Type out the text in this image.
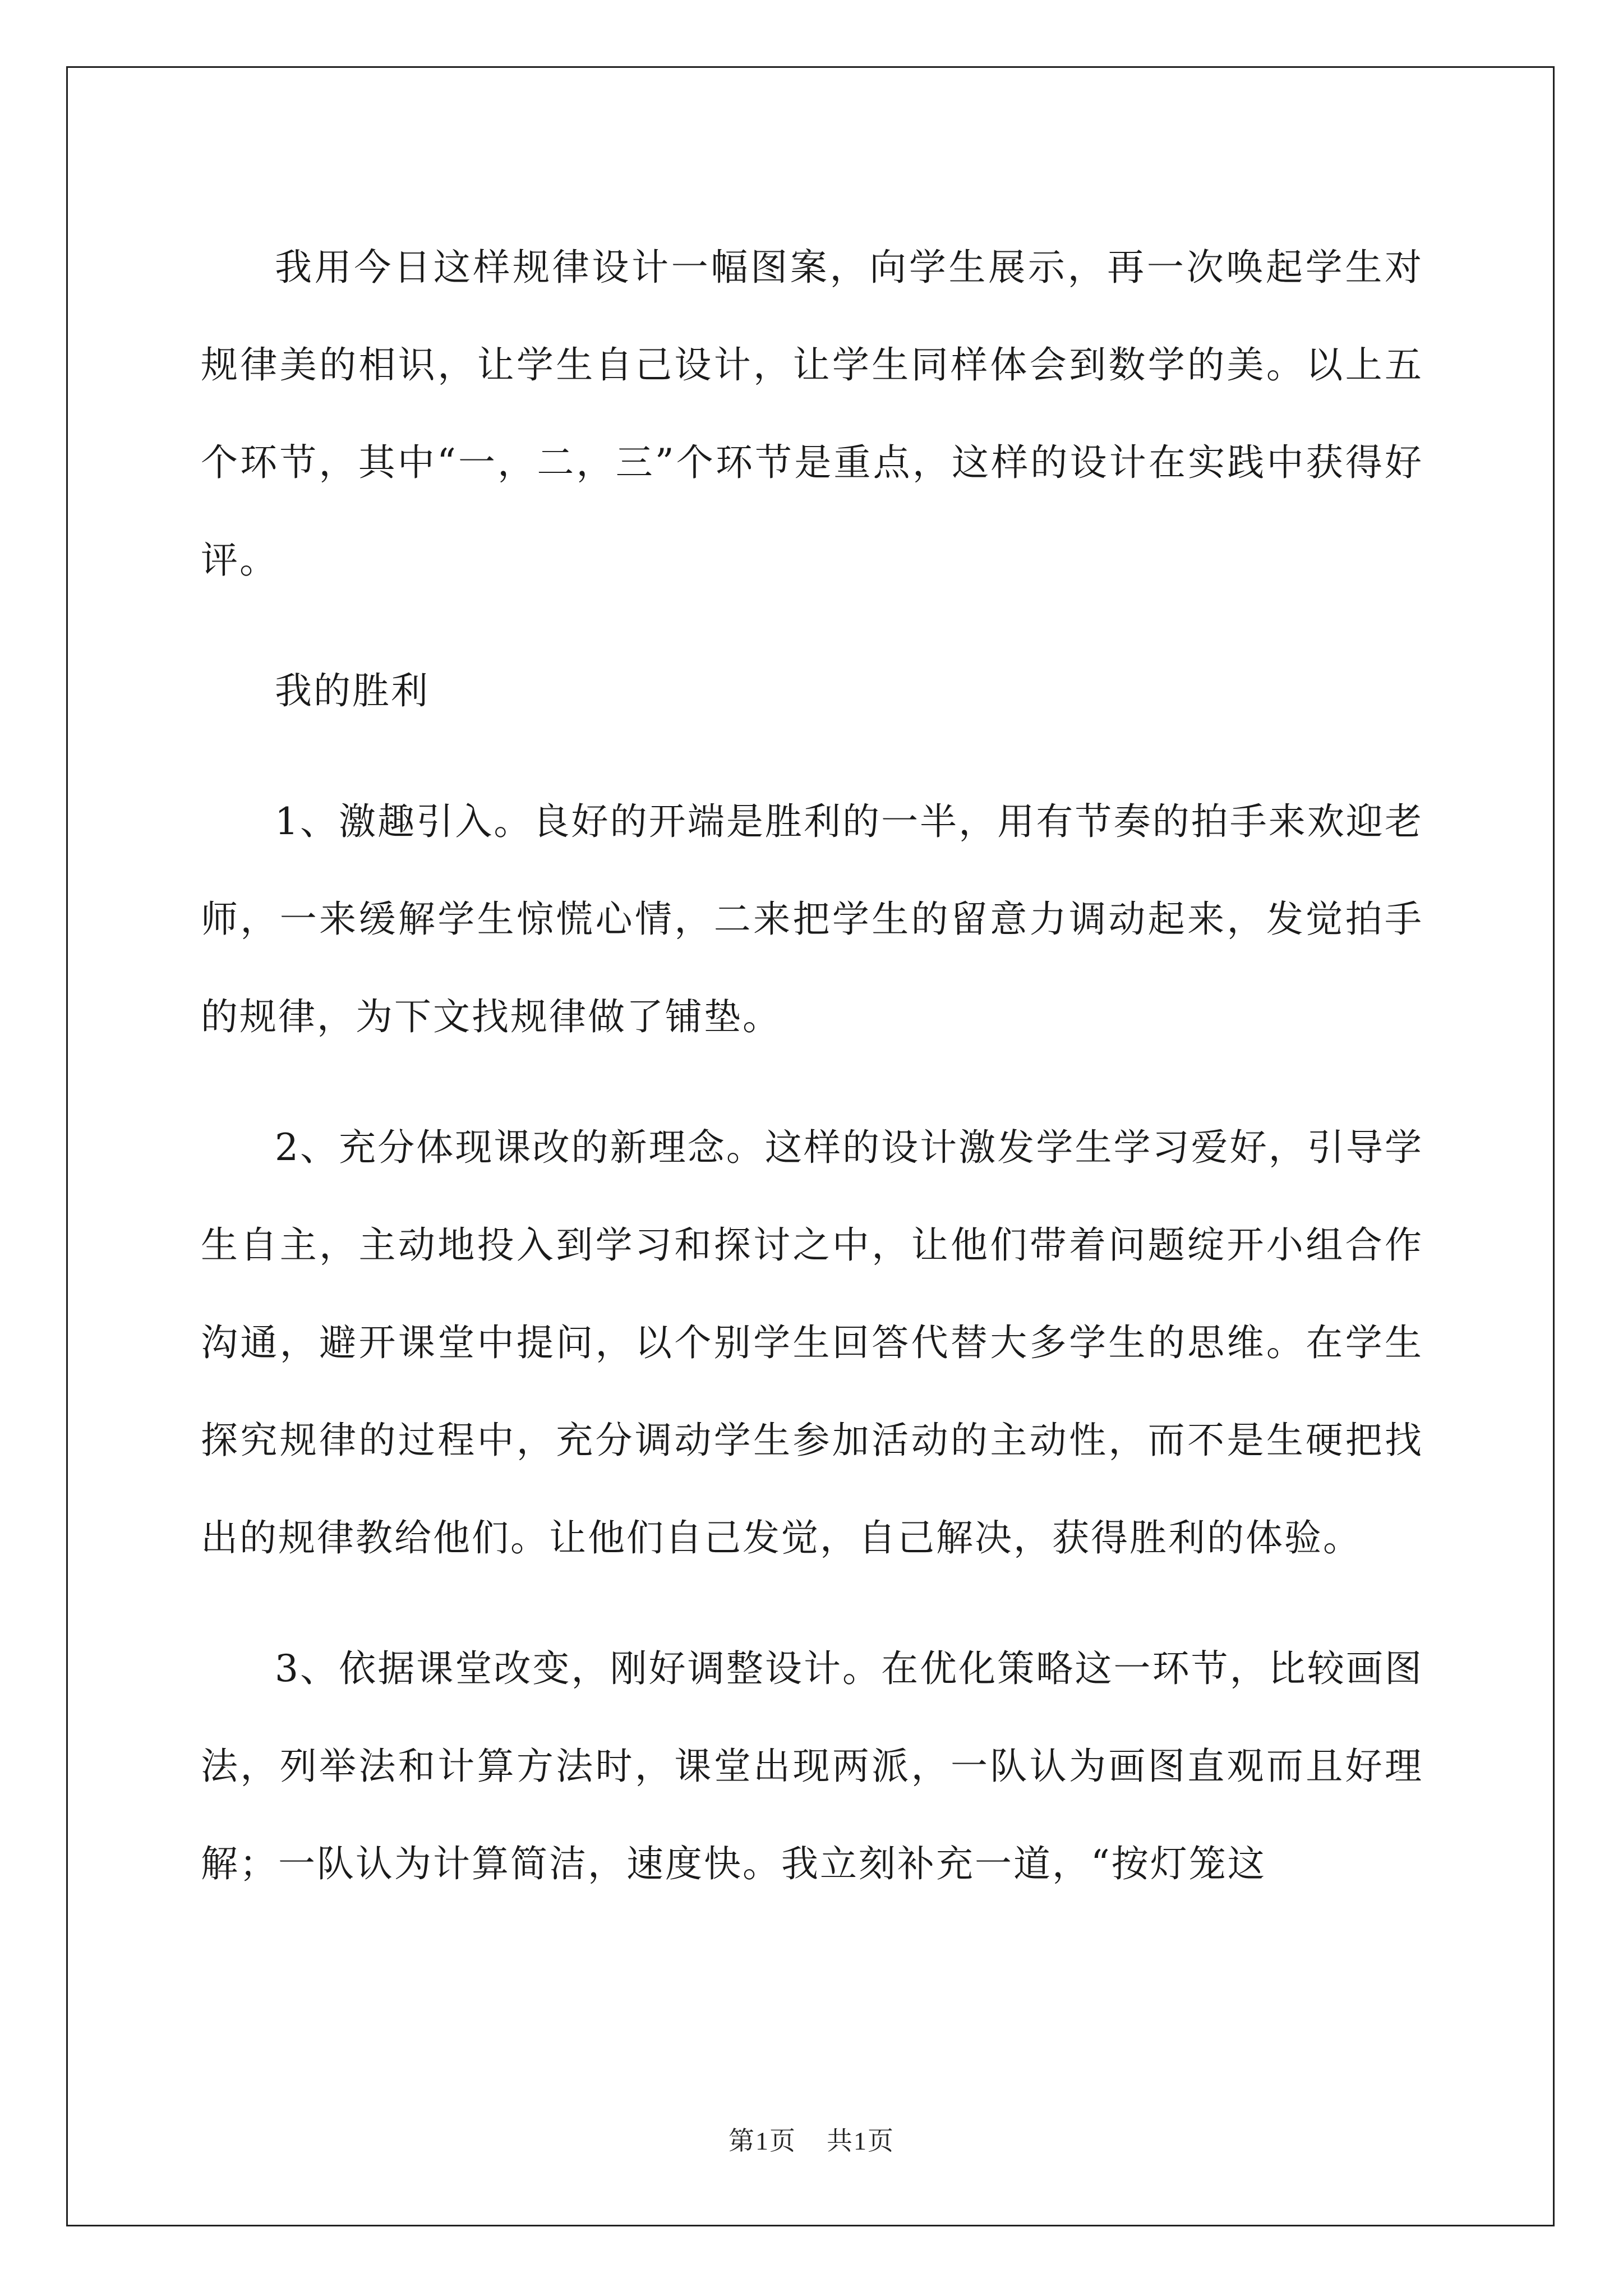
我用今日这样规律设计一幅图案，向学生展示，再一次唤起学生对规律美的相识，让学生自己设计，让学生同样体会到数学的美。以上五个环节，其中“一，二，三”个环节是重点，这样的设计在实践中获得好评。

我的胜利

1、激趣引入。良好的开端是胜利的一半，用有节奏的拍手来欢迎老师，一来缓解学生惊慌心情，二来把学生的留意力调动起来，发觉拍手的规律，为下文找规律做了铺垫。

2、充分体现课改的新理念。这样的设计激发学生学习爱好，引导学生自主，主动地投入到学习和探讨之中，让他们带着问题绽开小组合作沟通，避开课堂中提问，以个别学生回答代替大多学生的思维。在学生探究规律的过程中，充分调动学生参加活动的主动性，而不是生硬把找出的规律教给他们。让他们自己发觉，自己解决，获得胜利的体验。

3、依据课堂改变，刚好调整设计。在优化策略这一环节，比较画图法，列举法和计算方法时，课堂出现两派，一队认为画图直观而且好理解；一队认为计算简洁，速度快。我立刻补充一道，“按灯笼这

第1页    共1页
